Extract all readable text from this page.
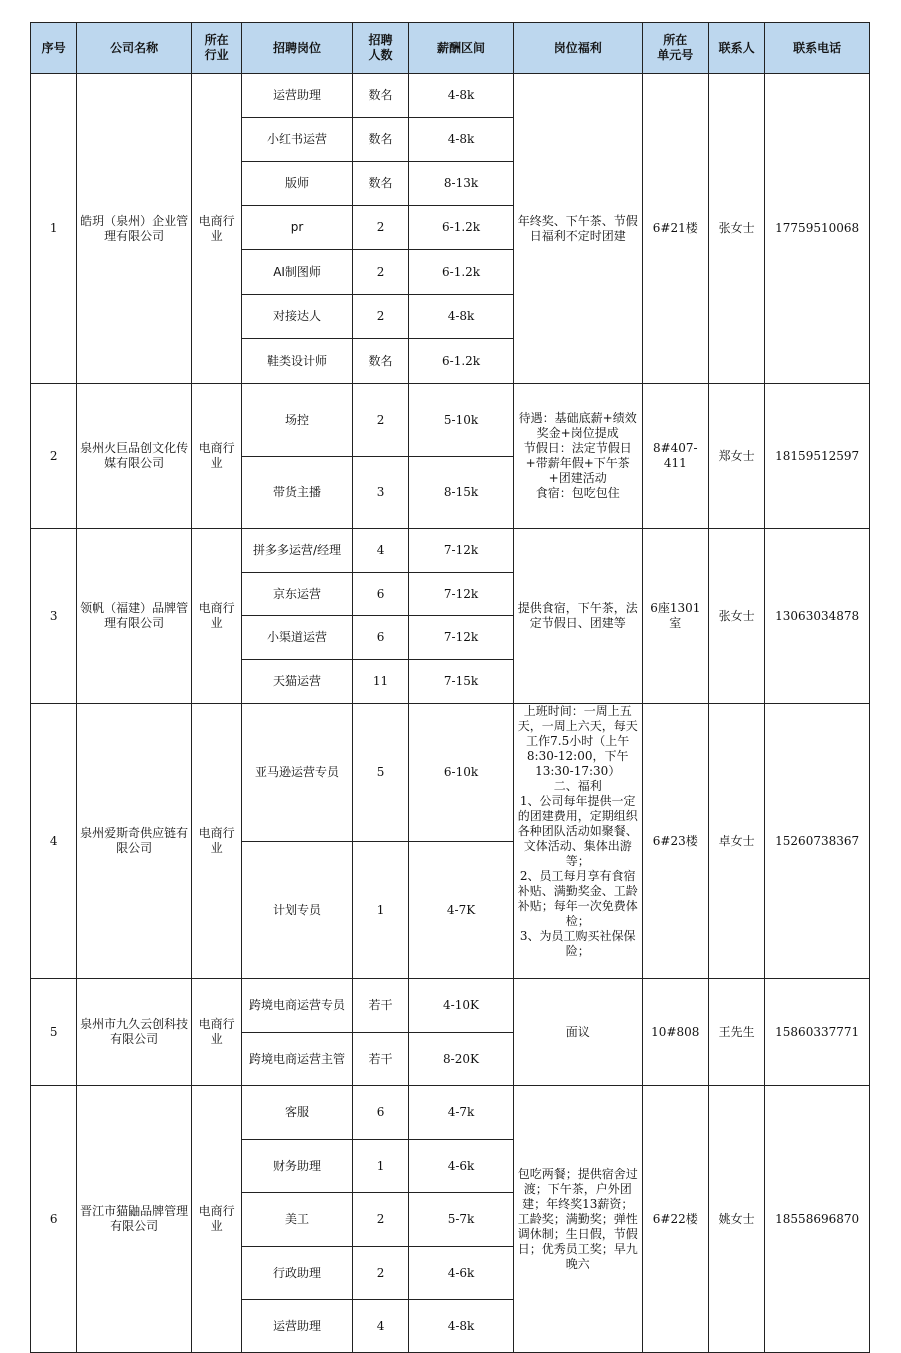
序号	公司名称	所在
行业	招聘岗位	招聘
人数	薪酬区间	岗位福利	所在
单元号	联系人	联系电话
1	皓玥（泉州）企业管理有限公司	电商行业	运营助理	数名	4-8k	年终奖、下午茶、节假日福利不定时团建	6#21楼	张女士	17759510068
			小红书运营	数名	4-8k				
			版师	数名	8-13k				
			pr	2	6-1.2k				
			AI制图师	2	6-1.2k				
			对接达人	2	4-8k				
			鞋类设计师	数名	6-1.2k				
2	泉州火巨品创文化传媒有限公司	电商行业	场控	2	5-10k	待遇：基础底薪+绩效奖金+岗位提成
节假日：法定节假日+带薪年假+下午茶+团建活动
食宿：包吃包住	8#407-411	郑女士	18159512597
			带货主播	3	8-15k				
3	领帆（福建）品牌管理有限公司	电商行业	拼多多运营/经理	4	7-12k	提供食宿，下午茶，法定节假日、团建等	6座1301室	张女士	13063034878
			京东运营	6	7-12k				
			小渠道运营	6	7-12k				
			天猫运营	11	7-15k				
4	泉州爱斯奇供应链有限公司	电商行业	亚马逊运营专员	5	6-10k	上班时间：一周上五天，一周上六天，每天工作7.5小时（上午8:30-12:00，下午13:30-17:30）
二、福利
1、公司每年提供一定的团建费用，定期组织各种团队活动如聚餐、文体活动、集体出游等；
2、员工每月享有食宿补贴、满勤奖金、工龄补贴；每年一次免费体检；
3、为员工购买社保保险；	6#23楼	卓女士	15260738367
			计划专员	1	4-7K				
5	泉州市九久云创科技有限公司	电商行业	跨境电商运营专员	若干	4-10K	面议	10#808	王先生	15860337771
			跨境电商运营主管	若干	8-20K				
6	晋江市猫鼬品牌管理有限公司	电商行业	客服	6	4-7k	包吃两餐；提供宿舍过渡；下午茶，户外团建；年终奖13薪资；工龄奖；满勤奖；弹性调休制；生日假，节假日；优秀员工奖；早九晚六	6#22楼	姚女士	18558696870
			财务助理	1	4-6k				
			美工	2	5-7k				
			行政助理	2	4-6k				
			运营助理	4	4-8k				
